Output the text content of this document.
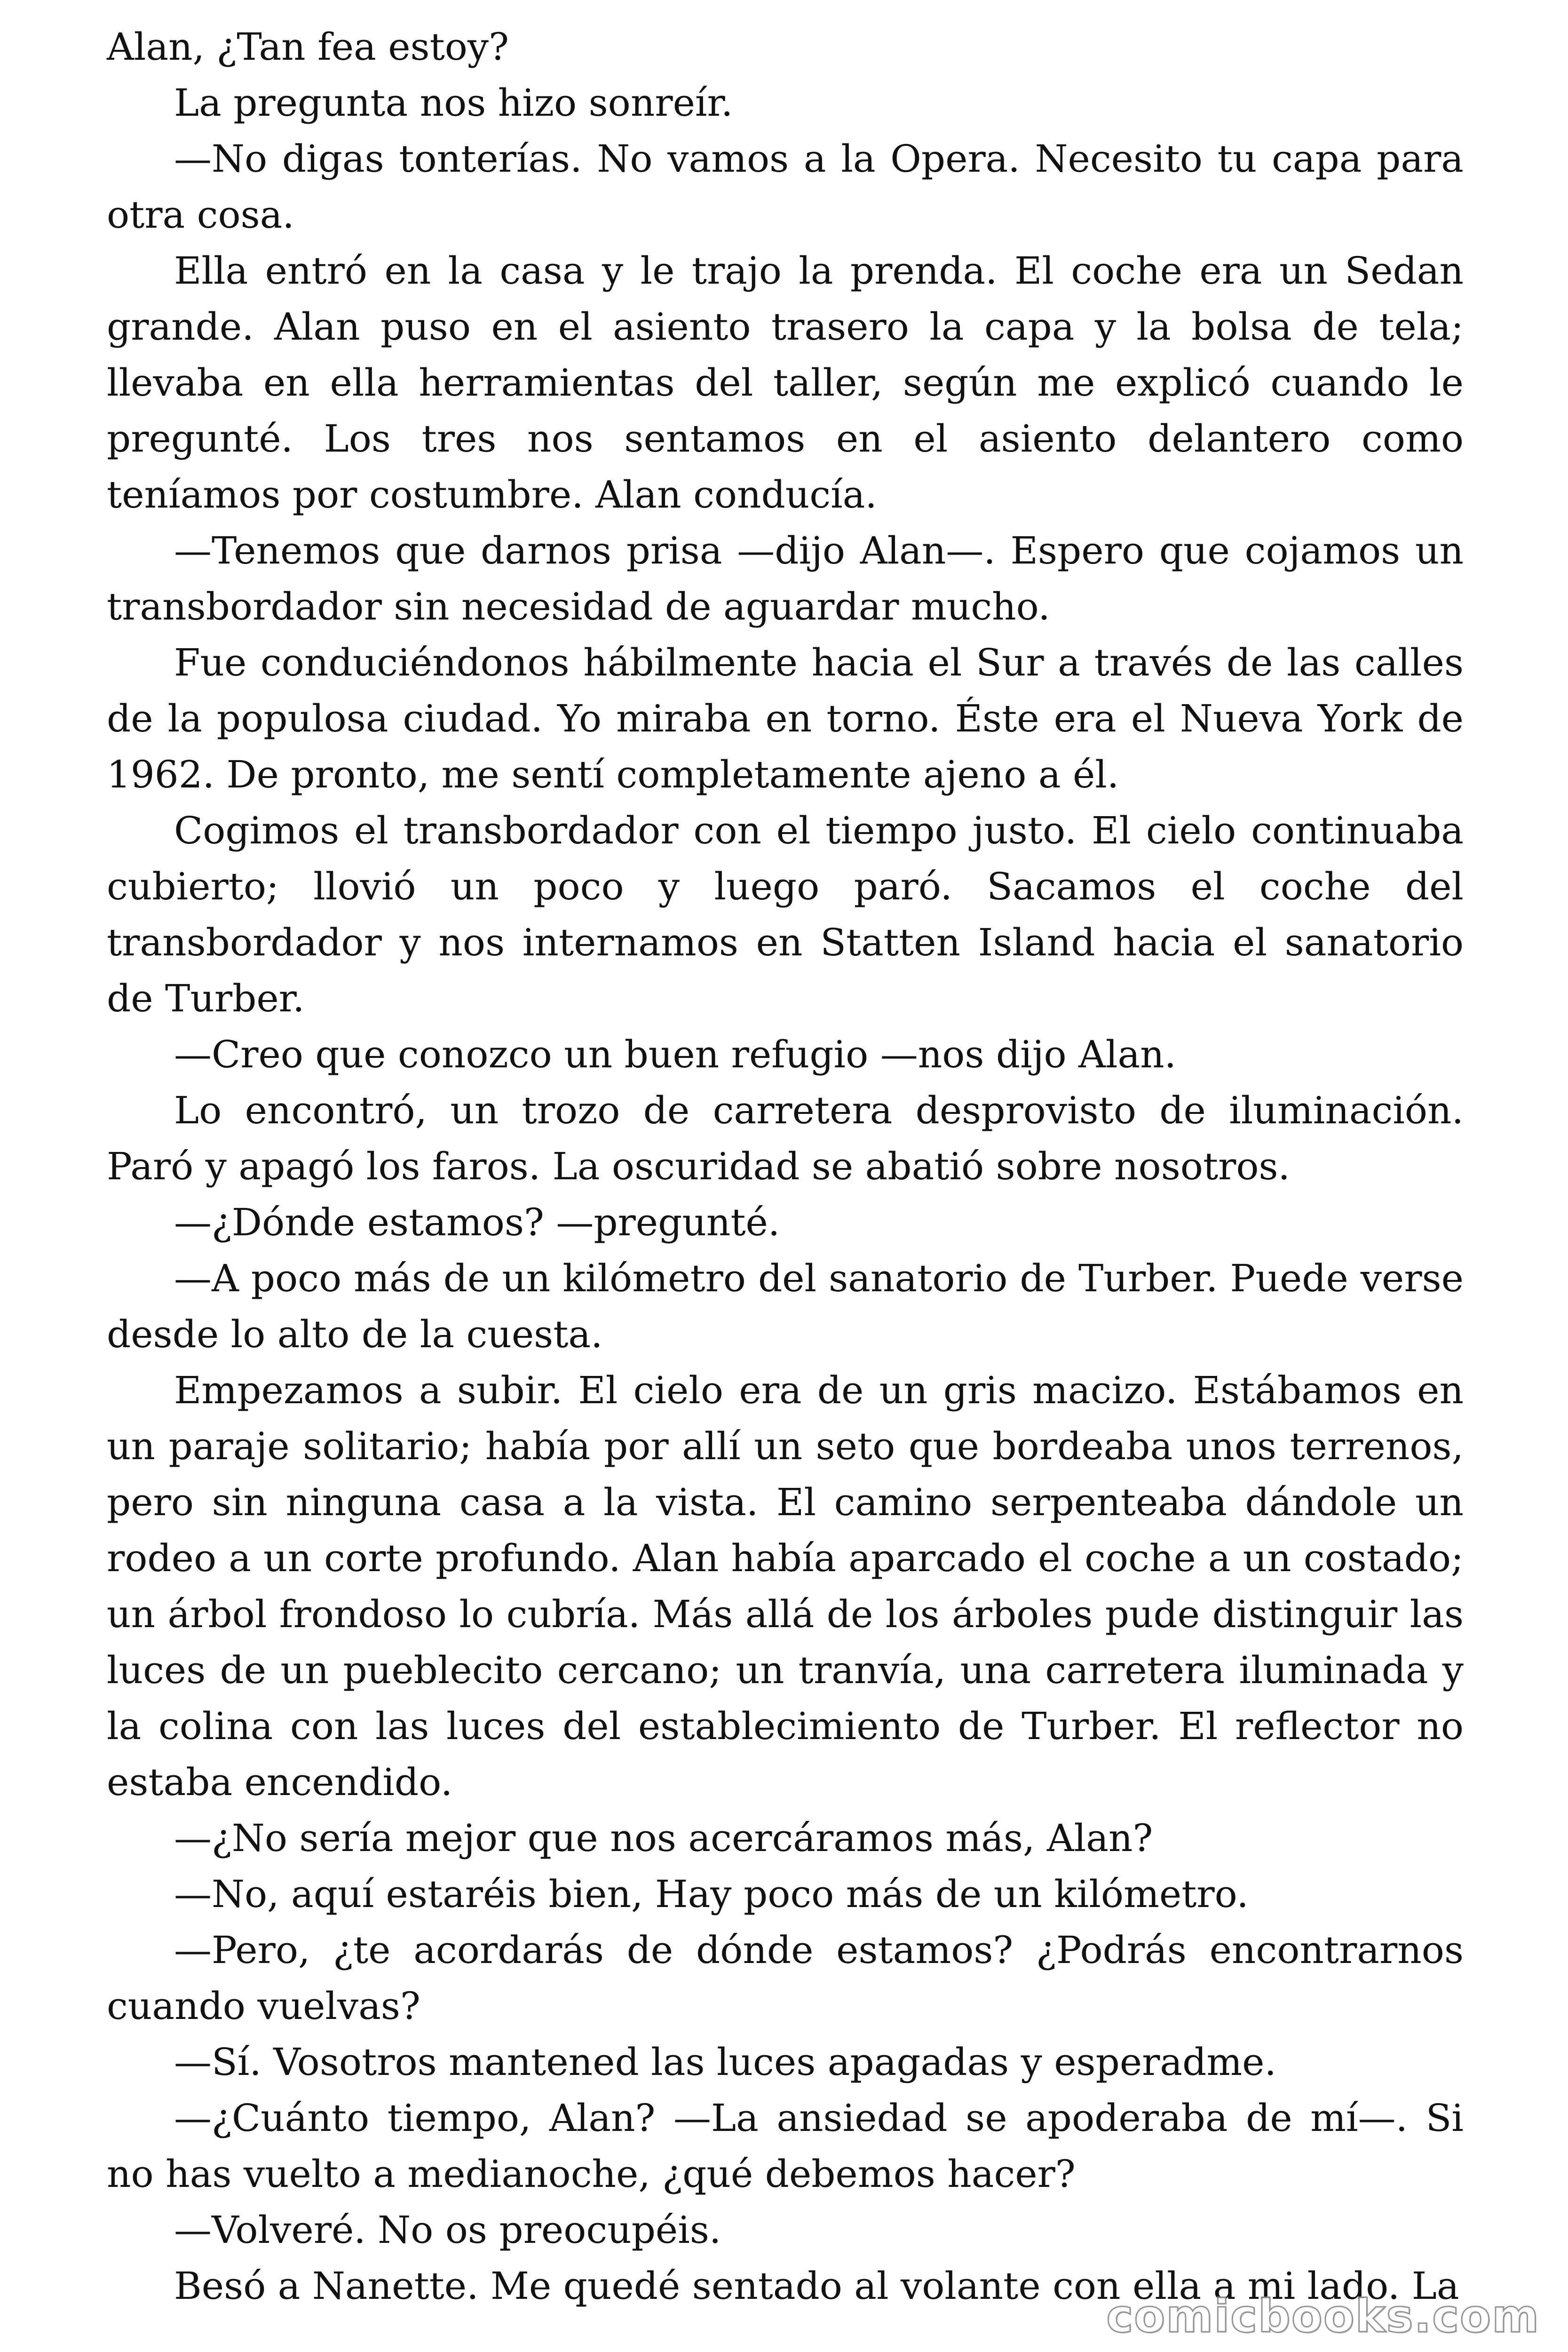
Alan, ¿Tan fea estoy?

La pregunta nos hizo sonreír.

—No digas tonterías. No vamos a la Opera. Necesito tu capa para otra cosa.

Ella entró en la casa y le trajo la prenda. El coche era un Sedan grande. Alan puso en el asiento trasero la capa y la bolsa de tela; llevaba en ella herramientas del taller, según me explicó cuando le pregunté. Los tres nos sentamos en el asiento delantero como teníamos por costumbre. Alan conducía.

—Tenemos que darnos prisa —dijo Alan—. Espero que cojamos un transbordador sin necesidad de aguardar mucho.

Fue conduciéndonos hábilmente hacia el Sur a través de las calles de la populosa ciudad. Yo miraba en torno. Éste era el Nueva York de 1962. De pronto, me sentí completamente ajeno a él.

Cogimos el transbordador con el tiempo justo. El cielo continuaba cubierto; llovió un poco y luego paró. Sacamos el coche del transbordador y nos internamos en Statten Island hacia el sanatorio de Turber.

—Creo que conozco un buen refugio —nos dijo Alan.

Lo encontró, un trozo de carretera desprovisto de iluminación. Paró y apagó los faros. La oscuridad se abatió sobre nosotros.

—¿Dónde estamos? —pregunté.

—A poco más de un kilómetro del sanatorio de Turber. Puede verse desde lo alto de la cuesta.

Empezamos a subir. El cielo era de un gris macizo. Estábamos en un paraje solitario; había por allí un seto que bordeaba unos terrenos, pero sin ninguna casa a la vista. El camino serpenteaba dándole un rodeo a un corte profundo. Alan había aparcado el coche a un costado; un árbol frondoso lo cubría. Más allá de los árboles pude distinguir las luces de un pueblecito cercano; un tranvía, una carretera iluminada y la colina con las luces del establecimiento de Turber. El reflector no estaba encendido.

—¿No sería mejor que nos acercáramos más, Alan?

—No, aquí estaréis bien, Hay poco más de un kilómetro.

—Pero, ¿te acordarás de dónde estamos? ¿Podrás encontrarnos cuando vuelvas?

—Sí. Vosotros mantened las luces apagadas y esperadme.

—¿Cuánto tiempo, Alan? —La ansiedad se apoderaba de mí—. Si no has vuelto a medianoche, ¿qué debemos hacer?

—Volveré. No os preocupéis.

Besó a Nanette. Me quedé sentado al volante con ella a mi lado. La

comicbooks.com
